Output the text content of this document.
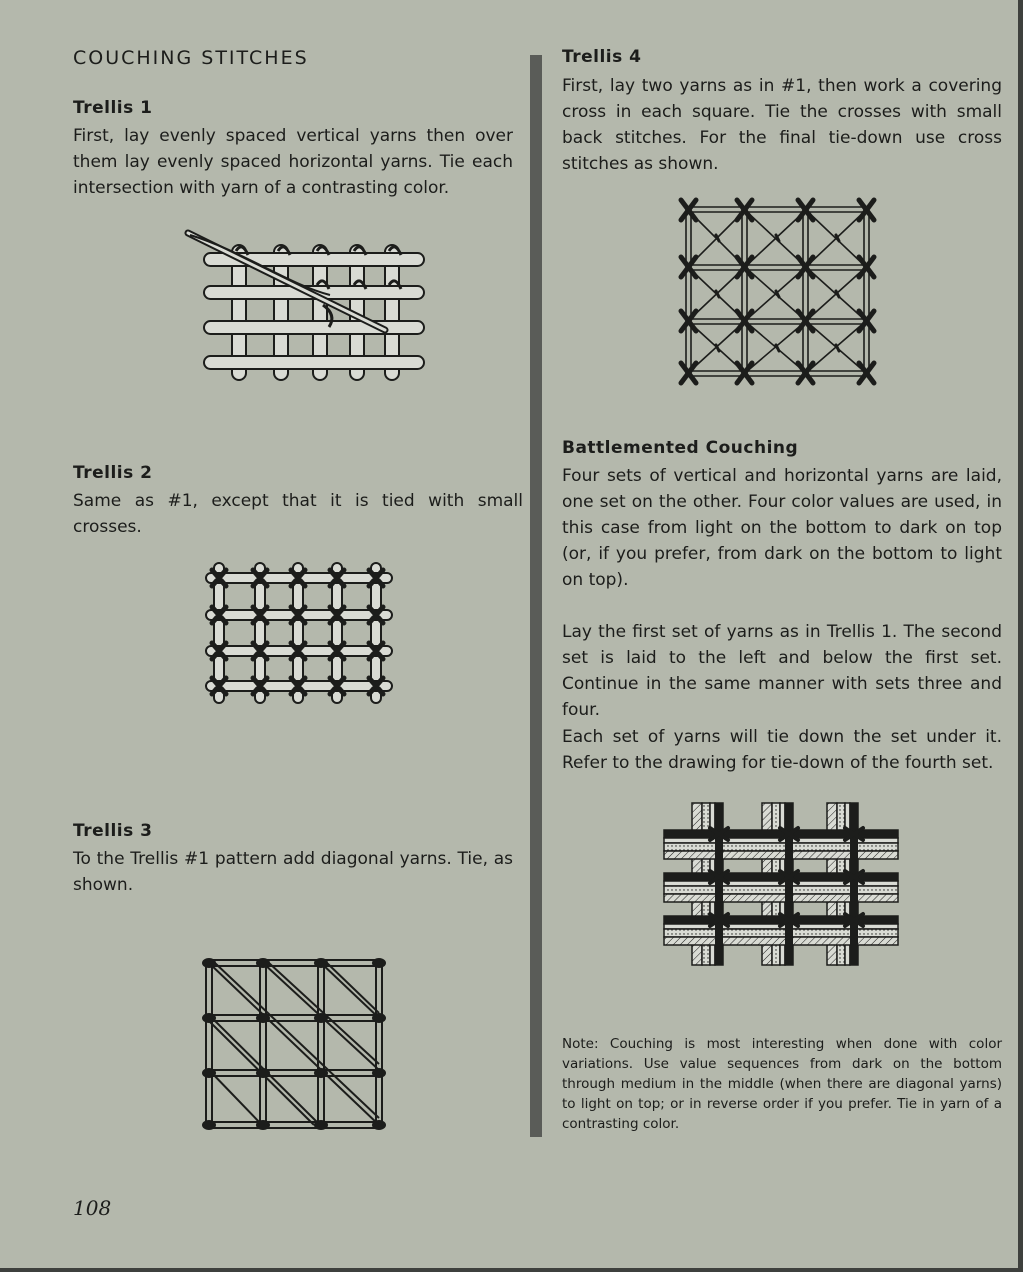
COUCHING STITCHES
Trellis 1
First, lay evenly spaced vertical yarns then over them lay evenly spaced horizontal yarns. Tie each intersection with yarn of a contrasting color.
Trellis 2
Same as #1, except that it is tied with small crosses.
Trellis 3
To the Trellis #1 pattern add diagonal yarns. Tie, as shown.
108
Trellis 4
First, lay two yarns as in #1, then work a covering cross in each square. Tie the crosses with small back stitches. For the final tie-down use cross stitches as shown.
Battlemented Couching
Four sets of vertical and horizontal yarns are laid, one set on the other. Four color values are used, in this case from light on the bottom to dark on top (or, if you prefer, from dark on the bottom to light on top).
Lay the first set of yarns as in Trellis 1. The second set is laid to the left and below the first set. Continue in the same manner with sets three and four.
Each set of yarns will tie down the set under it. Refer to the drawing for tie-down of the fourth set.
Note: Couching is most interesting when done with color variations. Use value sequences from dark on the bottom through medium in the middle (when there are diagonal yarns) to light on top; or in reverse order if you prefer. Tie in yarn of a contrasting color.
